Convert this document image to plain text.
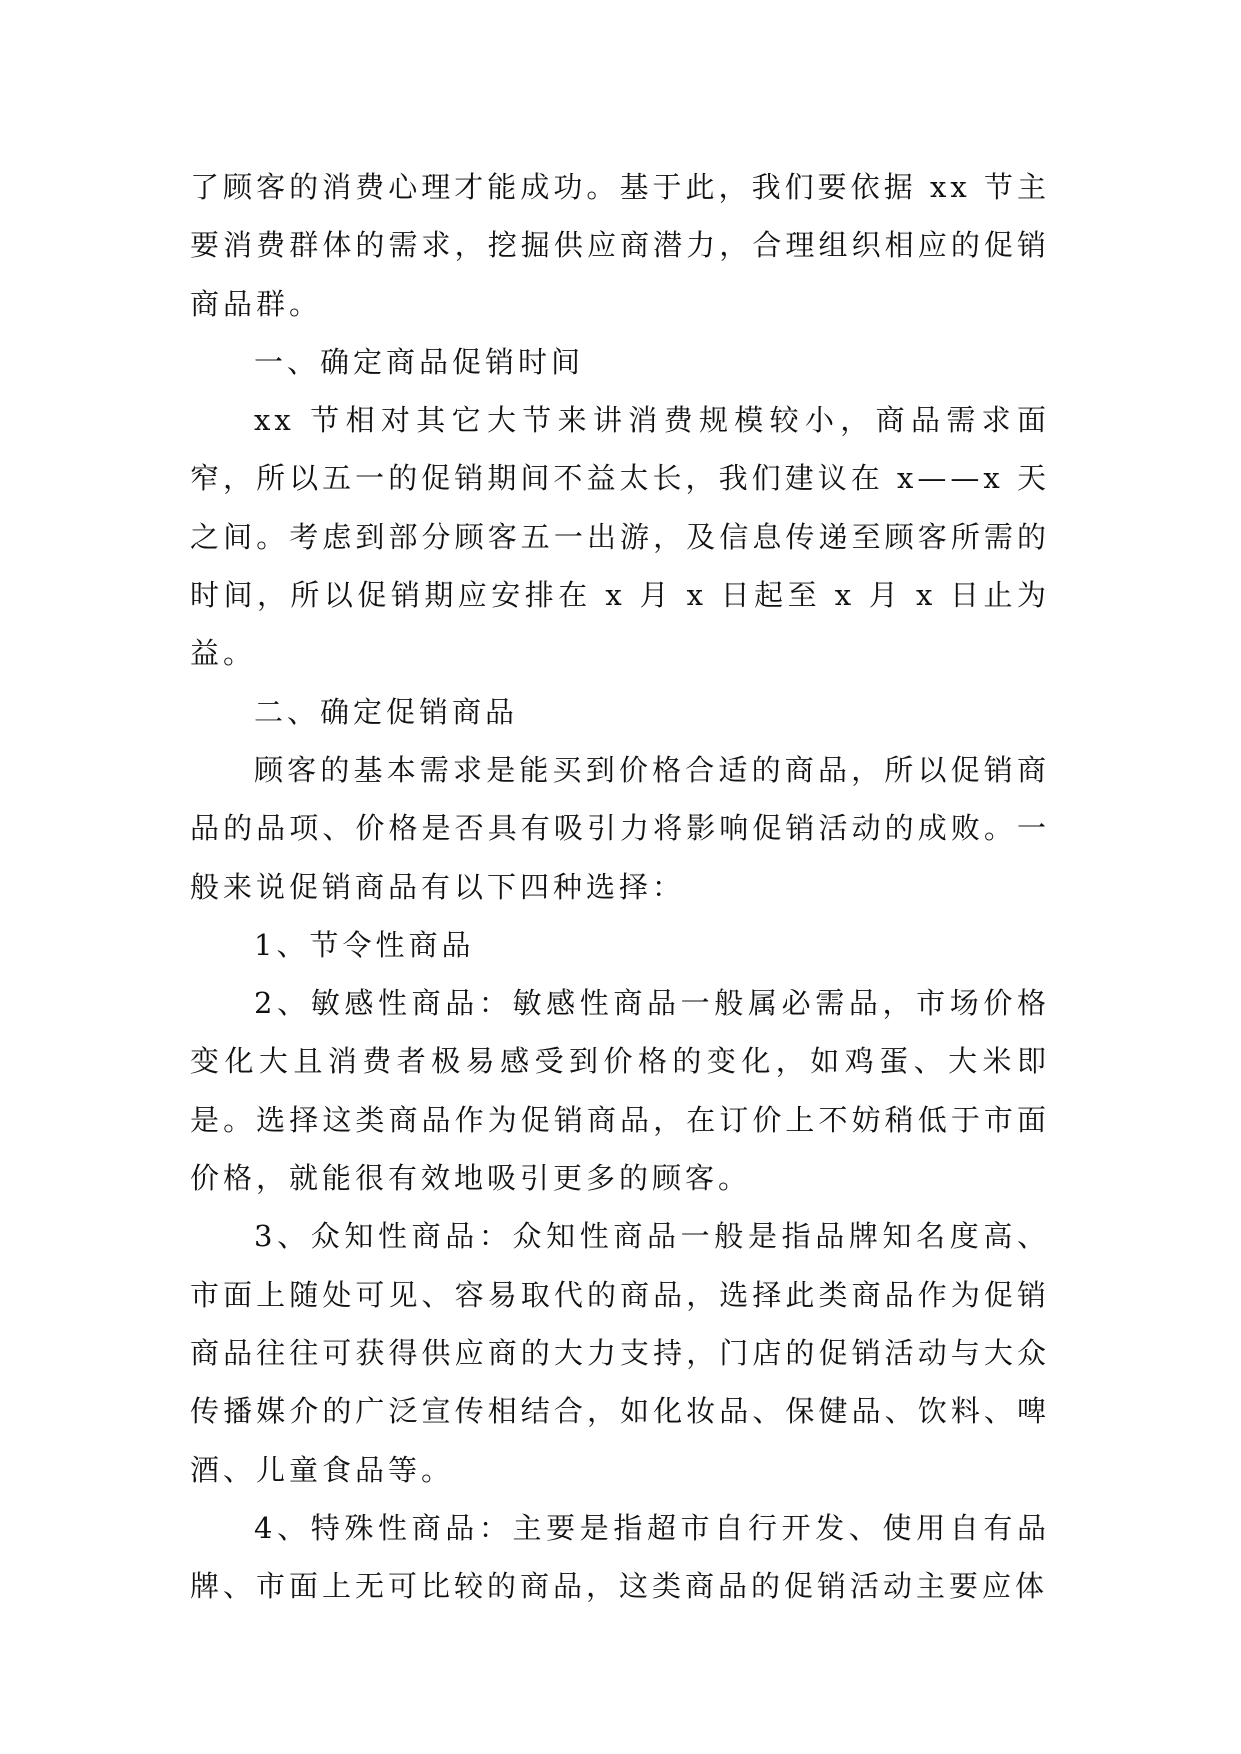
了顾客的消费心理才能成功。基于此，我们要依据 xx 节主要消费群体的需求，挖掘供应商潜力，合理组织相应的促销商品群。

一、确定商品促销时间

xx 节相对其它大节来讲消费规模较小，商品需求面窄，所以五一的促销期间不益太长，我们建议在 x——x 天之间。考虑到部分顾客五一出游，及信息传递至顾客所需的时间，所以促销期应安排在 x 月 x 日起至 x 月 x 日止为益。

二、确定促销商品

顾客的基本需求是能买到价格合适的商品，所以促销商品的品项、价格是否具有吸引力将影响促销活动的成败。一般来说促销商品有以下四种选择：

1、节令性商品

2、敏感性商品：敏感性商品一般属必需品，市场价格变化大且消费者极易感受到价格的变化，如鸡蛋、大米即是。选择这类商品作为促销商品，在订价上不妨稍低于市面价格，就能很有效地吸引更多的顾客。

3、众知性商品：众知性商品一般是指品牌知名度高、市面上随处可见、容易取代的商品，选择此类商品作为促销商品往往可获得供应商的大力支持，门店的促销活动与大众传播媒介的广泛宣传相结合，如化妆品、保健品、饮料、啤酒、儿童食品等。

4、特殊性商品：主要是指超市自行开发、使用自有品牌、市面上无可比较的商品，这类商品的促销活动主要应体
